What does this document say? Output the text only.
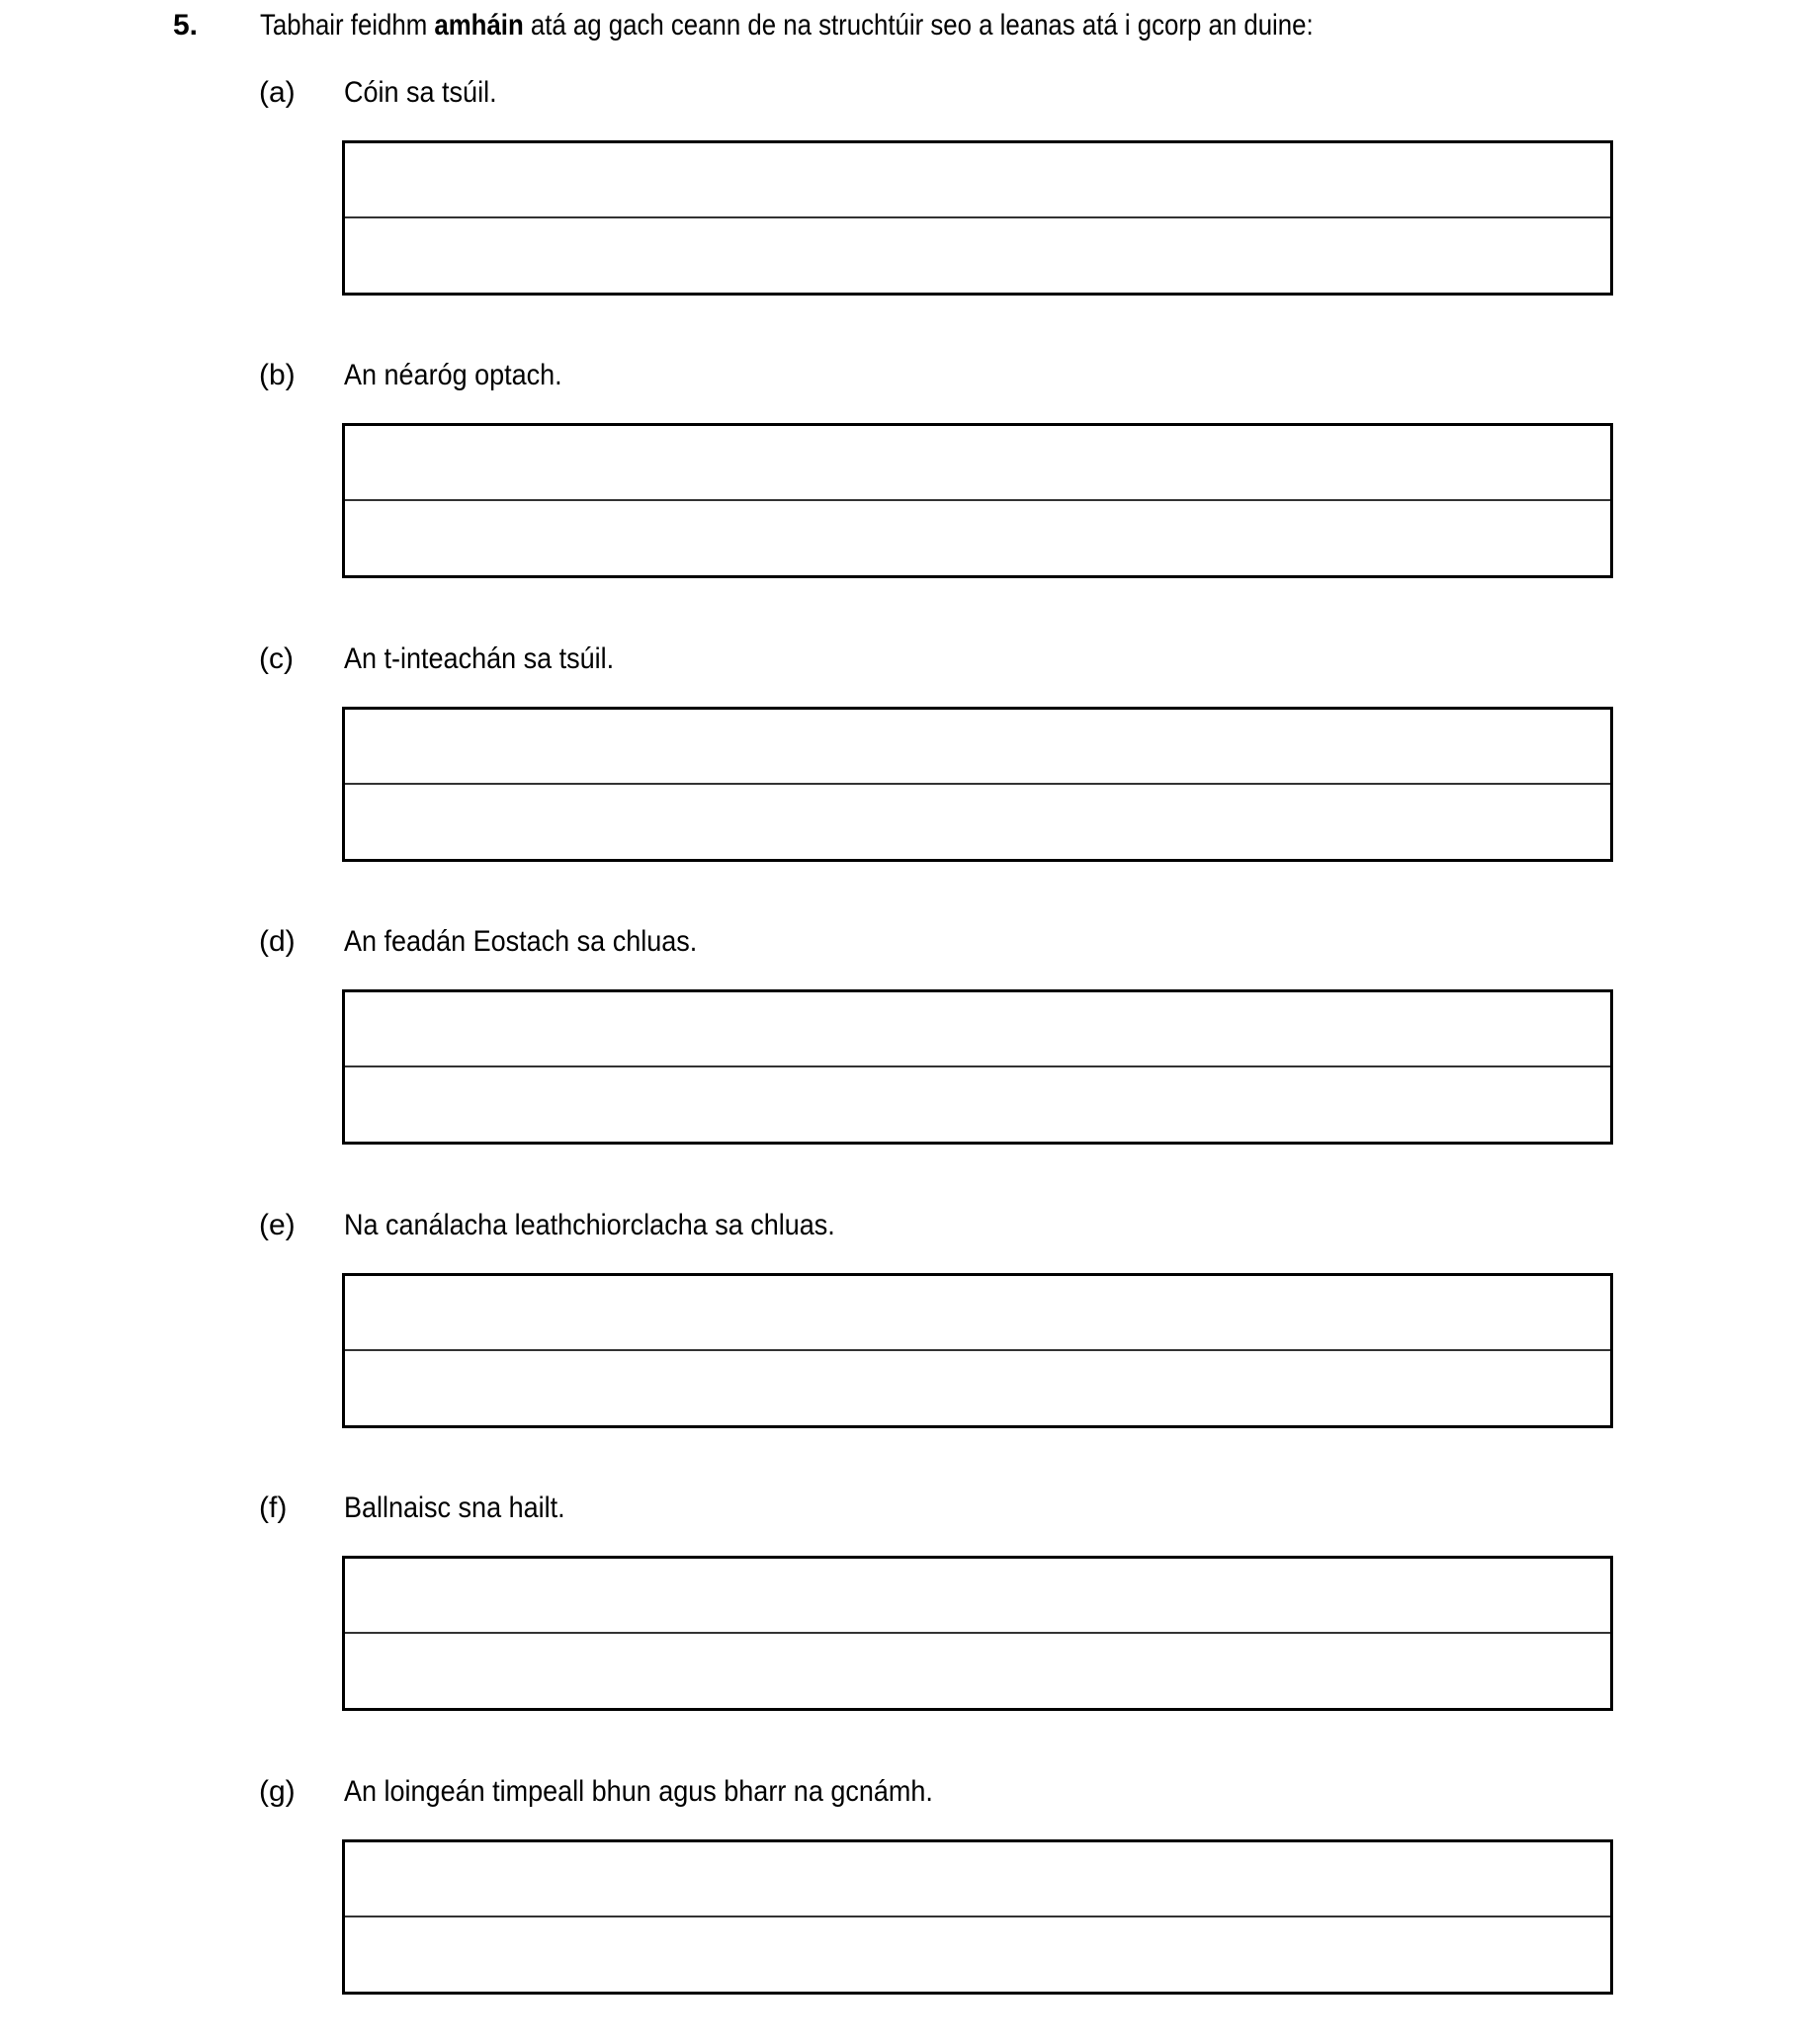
5. Tabhair feidhm amháin atá ag gach ceann de na struchtúir seo a leanas atá i gcorp an duine:
(a) Cóin sa tsúil.
(b) An néaróg optach.
(c) An t-inteachán sa tsúil.
(d) An feadán Eostach sa chluas.
(e) Na canálacha leathchiorclacha sa chluas.
(f) Ballnaisc sna hailt.
(g) An loingeán timpeall bhun agus bharr na gcnámh.
